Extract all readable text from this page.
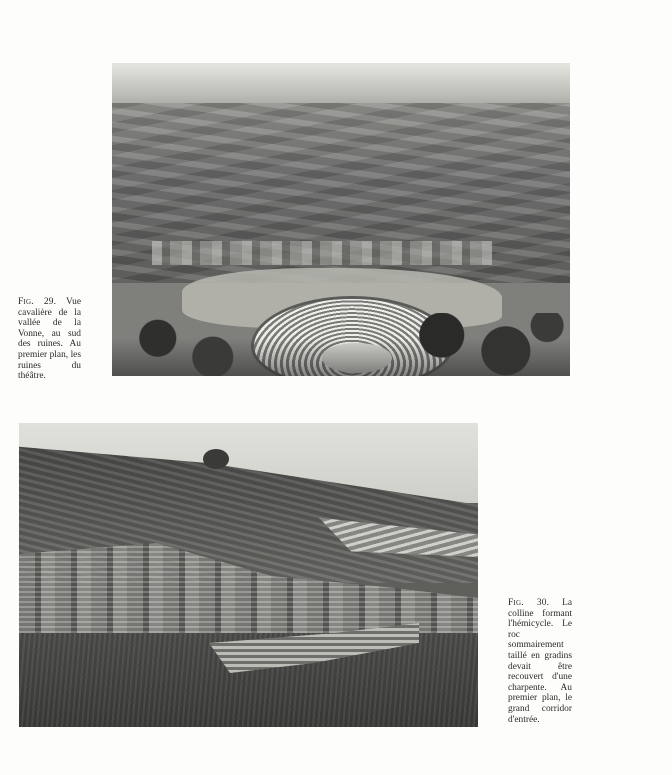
Fig. 29. Vue cavalière de la vallée de la Vonne, au sud des ruines. Au premier plan, les ruines du théâtre.

Fig. 30. La colline formant l'hémicycle. Le roc sommairement taillé en gradins devait être recouvert d'une charpente. Au premier plan, le grand corridor d'entrée.
